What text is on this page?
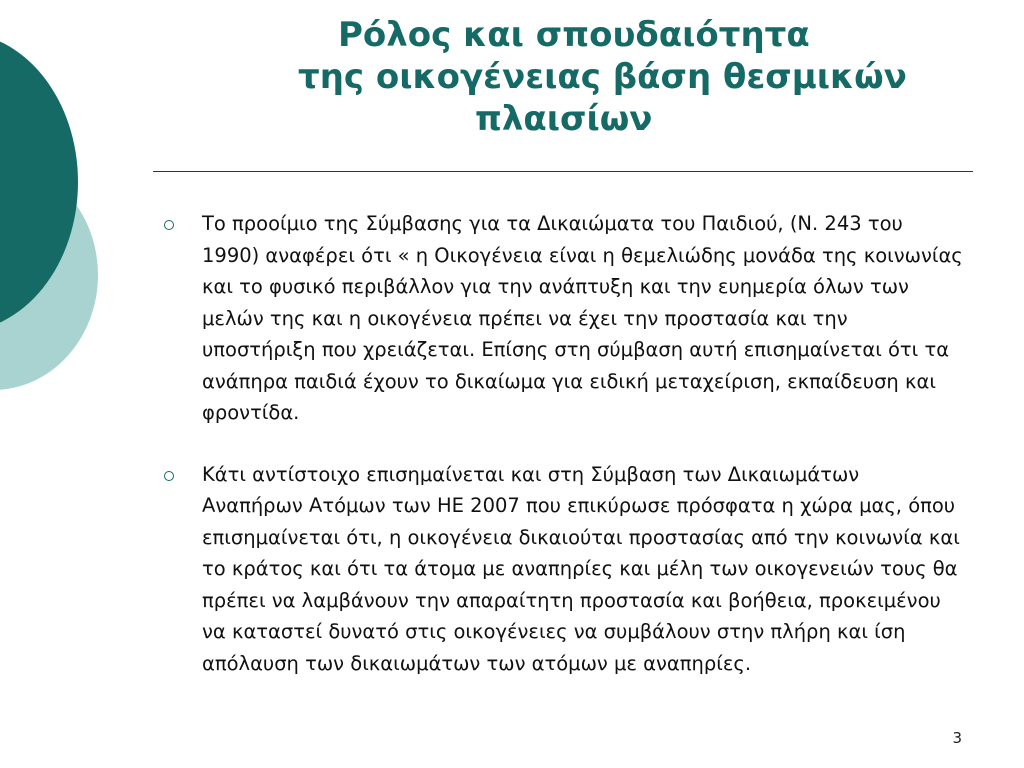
Ρόλος και σπουδαιότητα
της οικογένειας βάση θεσμικών
πλαισίων
Το προοίμιο της Σύμβασης για τα Δικαιώματα του Παιδιού, (Ν. 243 του 1990) αναφέρει ότι « η Οικογένεια είναι η θεμελιώδης μονάδα της κοινωνίας και το φυσικό περιβάλλον για την ανάπτυξη και την ευημερία όλων των μελών της και η οικογένεια πρέπει να έχει την προστασία και την υποστήριξη που χρειάζεται. Επίσης στη σύμβαση αυτή επισημαίνεται ότι τα ανάπηρα παιδιά έχουν το δικαίωμα για ειδική μεταχείριση, εκπαίδευση και φροντίδα.
Κάτι αντίστοιχο επισημαίνεται και στη Σύμβαση των Δικαιωμάτων Αναπήρων Ατόμων των ΗΕ 2007 που επικύρωσε πρόσφατα η χώρα μας, όπου επισημαίνεται ότι, η οικογένεια δικαιούται προστασίας από την κοινωνία και το κράτος και ότι τα άτομα με αναπηρίες και μέλη των οικογενειών τους θα πρέπει να λαμβάνουν την απαραίτητη προστασία και βοήθεια, προκειμένου να καταστεί δυνατό στις οικογένειες να συμβάλουν στην πλήρη και ίση απόλαυση των δικαιωμάτων των ατόμων με αναπηρίες.
3
